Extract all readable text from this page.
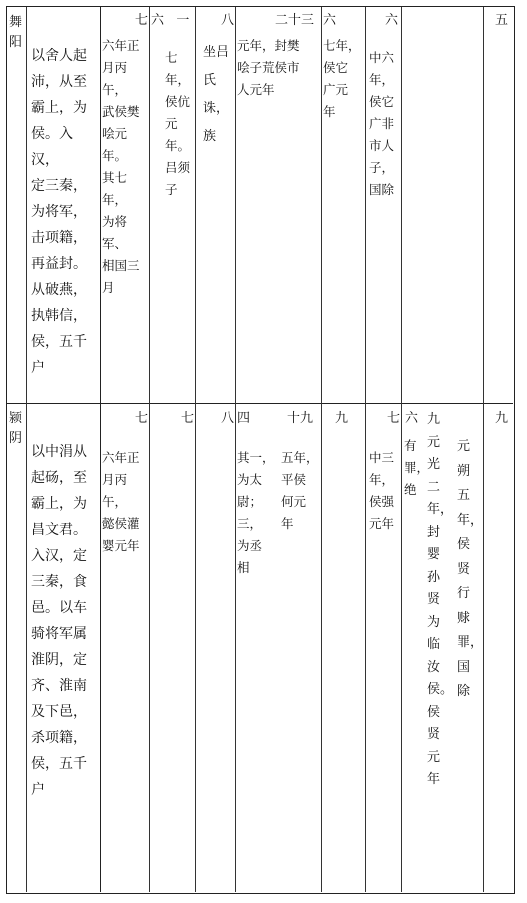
舞
阳
以舍人起
沛，从至
霸上，为
侯。入汉，
定三秦，
为将军，
击项籍，
再益封。
从破燕，
执韩信，
侯，五千
户
七
六年正
月丙午，
武侯樊
哙元年。
其七年，
为将军、
相国三
月
六   一
七
年，
侯伉
元
年。
吕须
子
八
坐吕
氏
诛，
族
二十三
元年，封樊
哙子荒侯市
人元年
六
七年，
侯它
广元
年
六
中六
年，
侯它
广非
市人
子，
国除
五
颍
阴
以中涓从
起砀，至
霸上，为
昌文君。
入汉，定
三秦，食
邑。以车
骑将军属
淮阴，定
齐、淮南
及下邑，
杀项籍，
侯，五千
户
七
六年正
月丙午，
懿侯灌
婴元年
七 八 四
其一，
为太
尉；
三，
为丞
相
十九
五年，
平侯
何元
年
九	七
中三
年，
侯强
元年
六
有罪，
绝
九
元
光
二
年，
封
婴
孙
贤
为
临
汝
侯。
侯
贤
元
年
元
朔
五
年，
侯
贤
行
赇
罪，
国
除
九
